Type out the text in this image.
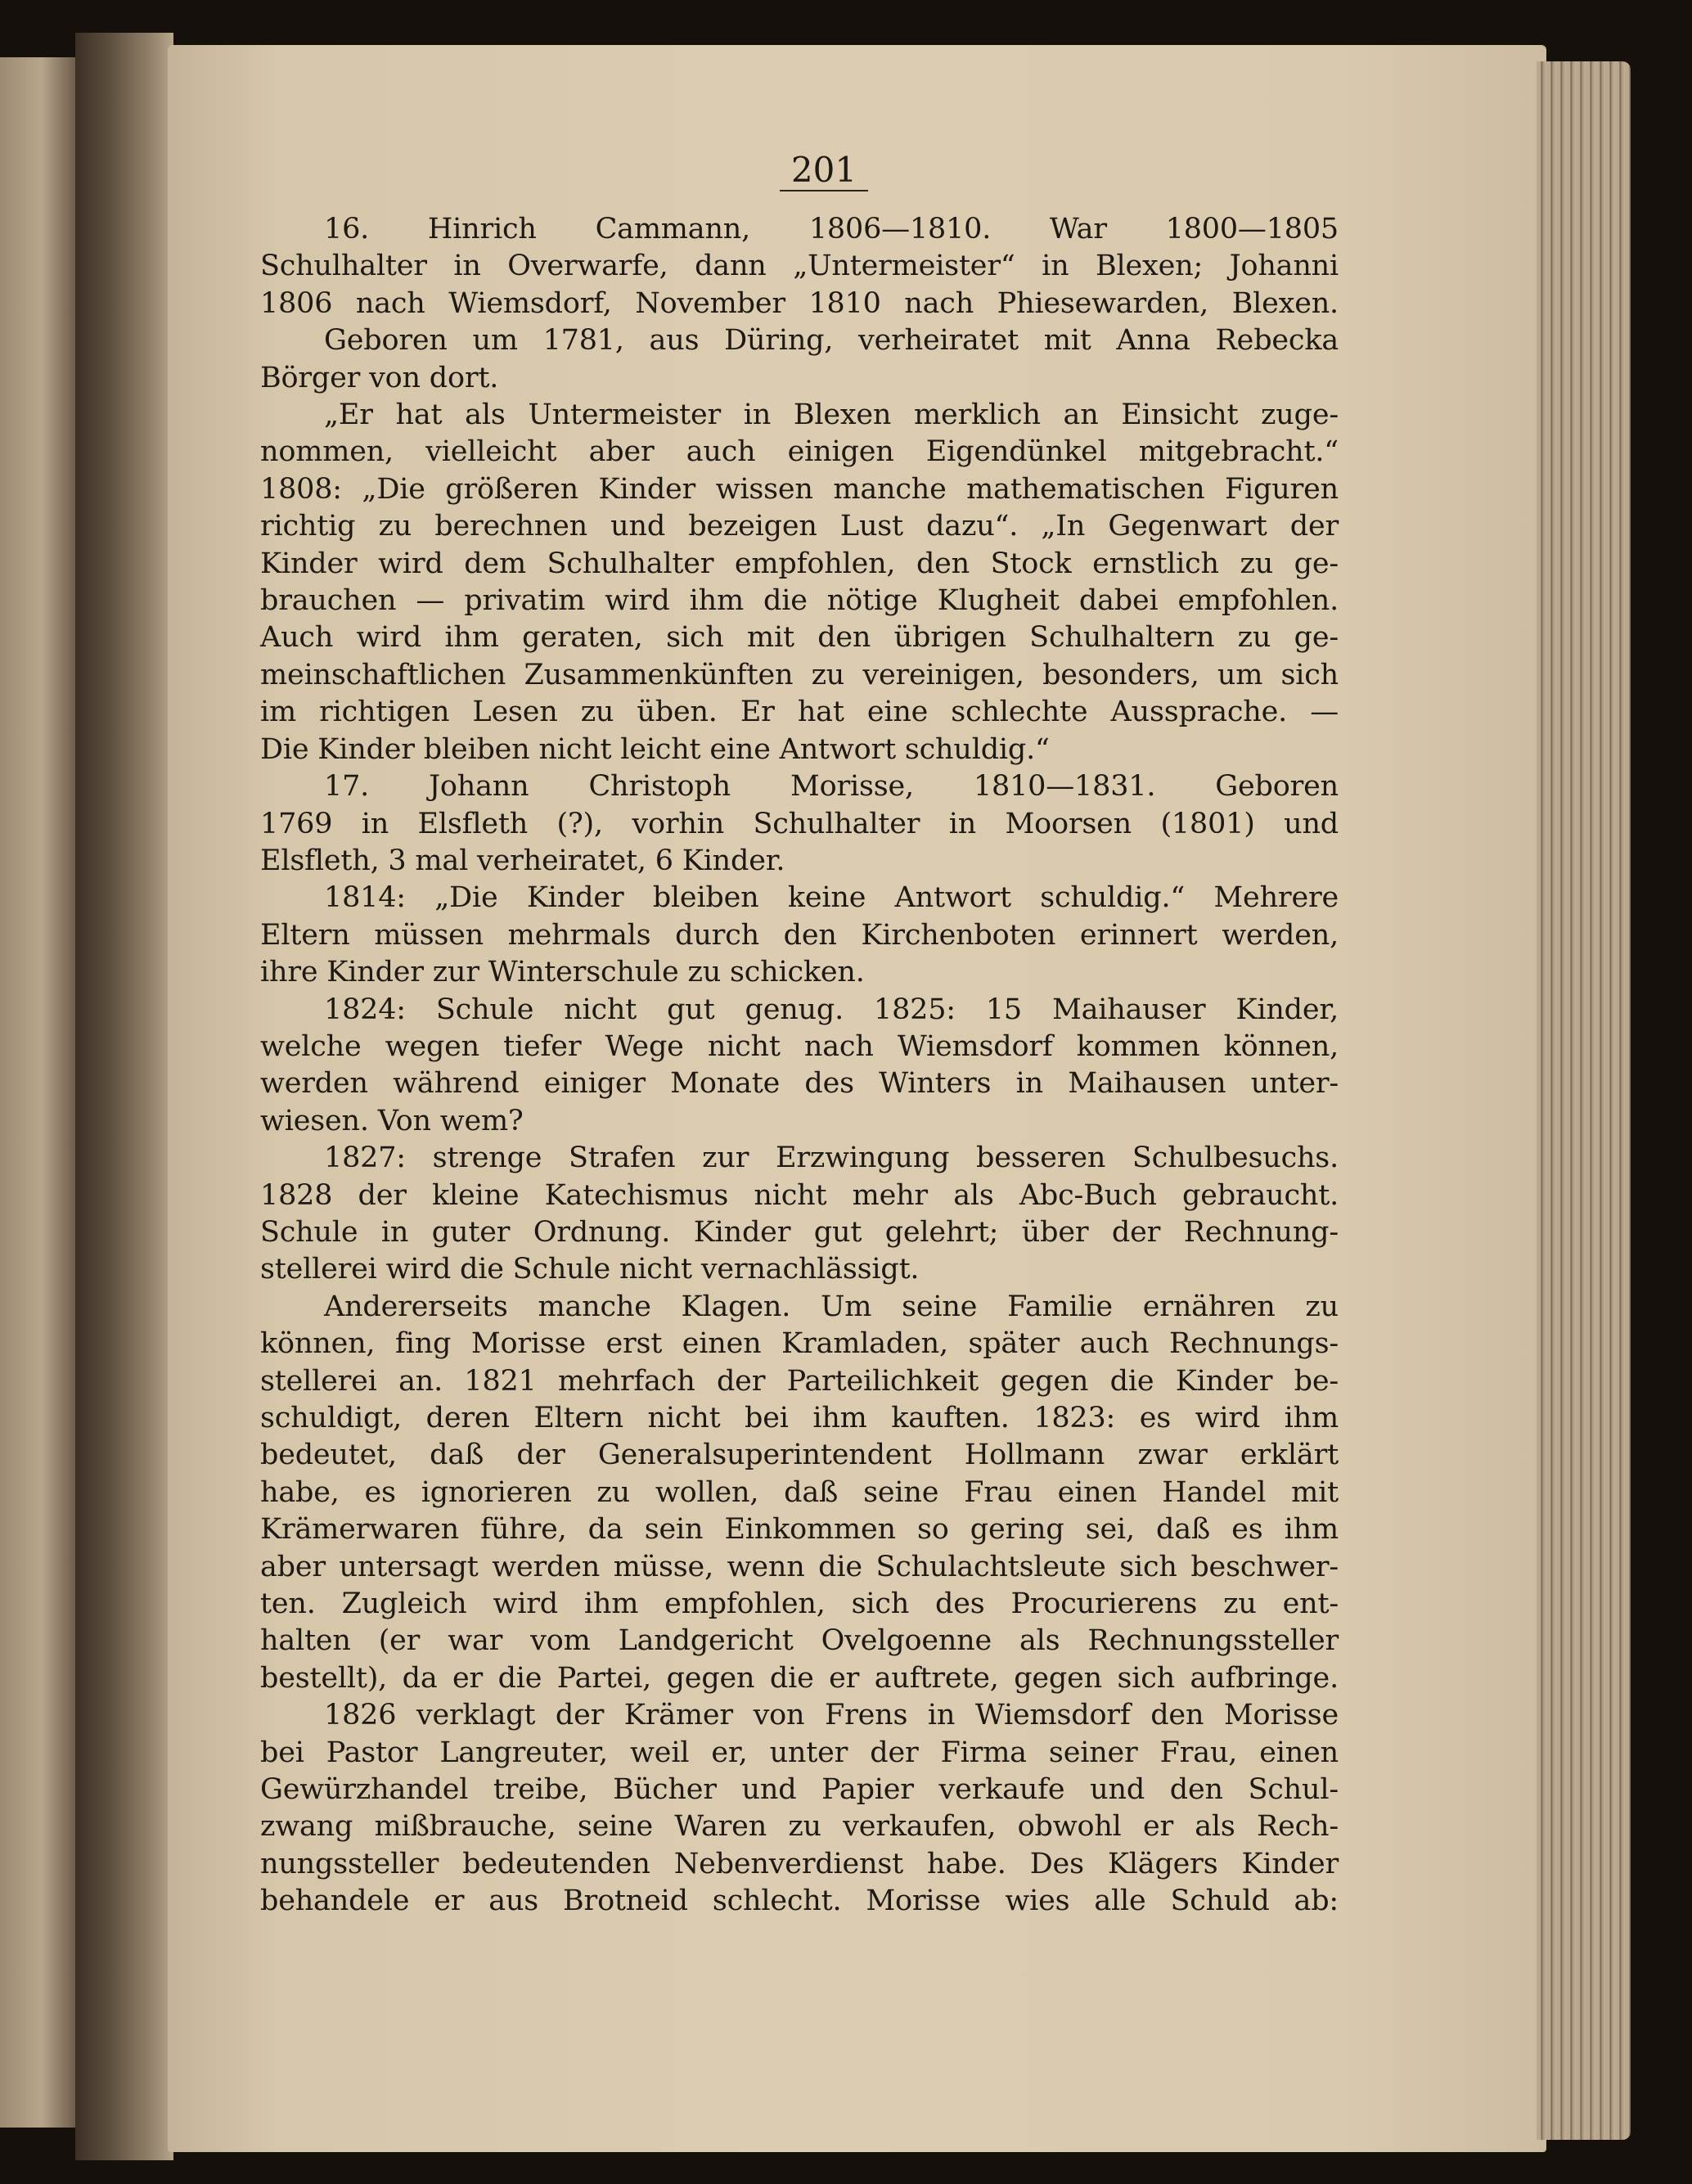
201
16. Hinrich Cammann, 1806—1810. War 1800—1805
Schulhalter in Overwarfe, dann „Untermeister“ in Blexen; Johanni
1806 nach Wiemsdorf, November 1810 nach Phiesewarden, Blexen.
Geboren um 1781, aus Düring, verheiratet mit Anna Rebecka
Börger von dort.
„Er hat als Untermeister in Blexen merklich an Einsicht zuge-
nommen, vielleicht aber auch einigen Eigendünkel mitgebracht.“
1808: „Die größeren Kinder wissen manche mathematischen Figuren
richtig zu berechnen und bezeigen Lust dazu“. „In Gegenwart der
Kinder wird dem Schulhalter empfohlen, den Stock ernstlich zu ge-
brauchen — privatim wird ihm die nötige Klugheit dabei empfohlen.
Auch wird ihm geraten, sich mit den übrigen Schulhaltern zu ge-
meinschaftlichen Zusammenkünften zu vereinigen, besonders, um sich
im richtigen Lesen zu üben. Er hat eine schlechte Aussprache. —
Die Kinder bleiben nicht leicht eine Antwort schuldig.“
17. Johann Christoph Morisse, 1810—1831. Geboren
1769 in Elsfleth (?), vorhin Schulhalter in Moorsen (1801) und
Elsfleth, 3 mal verheiratet, 6 Kinder.
1814: „Die Kinder bleiben keine Antwort schuldig.“ Mehrere
Eltern müssen mehrmals durch den Kirchenboten erinnert werden,
ihre Kinder zur Winterschule zu schicken.
1824: Schule nicht gut genug. 1825: 15 Maihauser Kinder,
welche wegen tiefer Wege nicht nach Wiemsdorf kommen können,
werden während einiger Monate des Winters in Maihausen unter-
wiesen. Von wem?
1827: strenge Strafen zur Erzwingung besseren Schulbesuchs.
1828 der kleine Katechismus nicht mehr als Abc-Buch gebraucht.
Schule in guter Ordnung. Kinder gut gelehrt; über der Rechnung-
stellerei wird die Schule nicht vernachlässigt.
Andererseits manche Klagen. Um seine Familie ernähren zu
können, fing Morisse erst einen Kramladen, später auch Rechnungs-
stellerei an. 1821 mehrfach der Parteilichkeit gegen die Kinder be-
schuldigt, deren Eltern nicht bei ihm kauften. 1823: es wird ihm
bedeutet, daß der Generalsuperintendent Hollmann zwar erklärt
habe, es ignorieren zu wollen, daß seine Frau einen Handel mit
Krämerwaren führe, da sein Einkommen so gering sei, daß es ihm
aber untersagt werden müsse, wenn die Schulachtsleute sich beschwer-
ten. Zugleich wird ihm empfohlen, sich des Procurierens zu ent-
halten (er war vom Landgericht Ovelgoenne als Rechnungssteller
bestellt), da er die Partei, gegen die er auftrete, gegen sich aufbringe.
1826 verklagt der Krämer von Frens in Wiemsdorf den Morisse
bei Pastor Langreuter, weil er, unter der Firma seiner Frau, einen
Gewürzhandel treibe, Bücher und Papier verkaufe und den Schul-
zwang mißbrauche, seine Waren zu verkaufen, obwohl er als Rech-
nungssteller bedeutenden Nebenverdienst habe. Des Klägers Kinder
behandele er aus Brotneid schlecht. Morisse wies alle Schuld ab:
